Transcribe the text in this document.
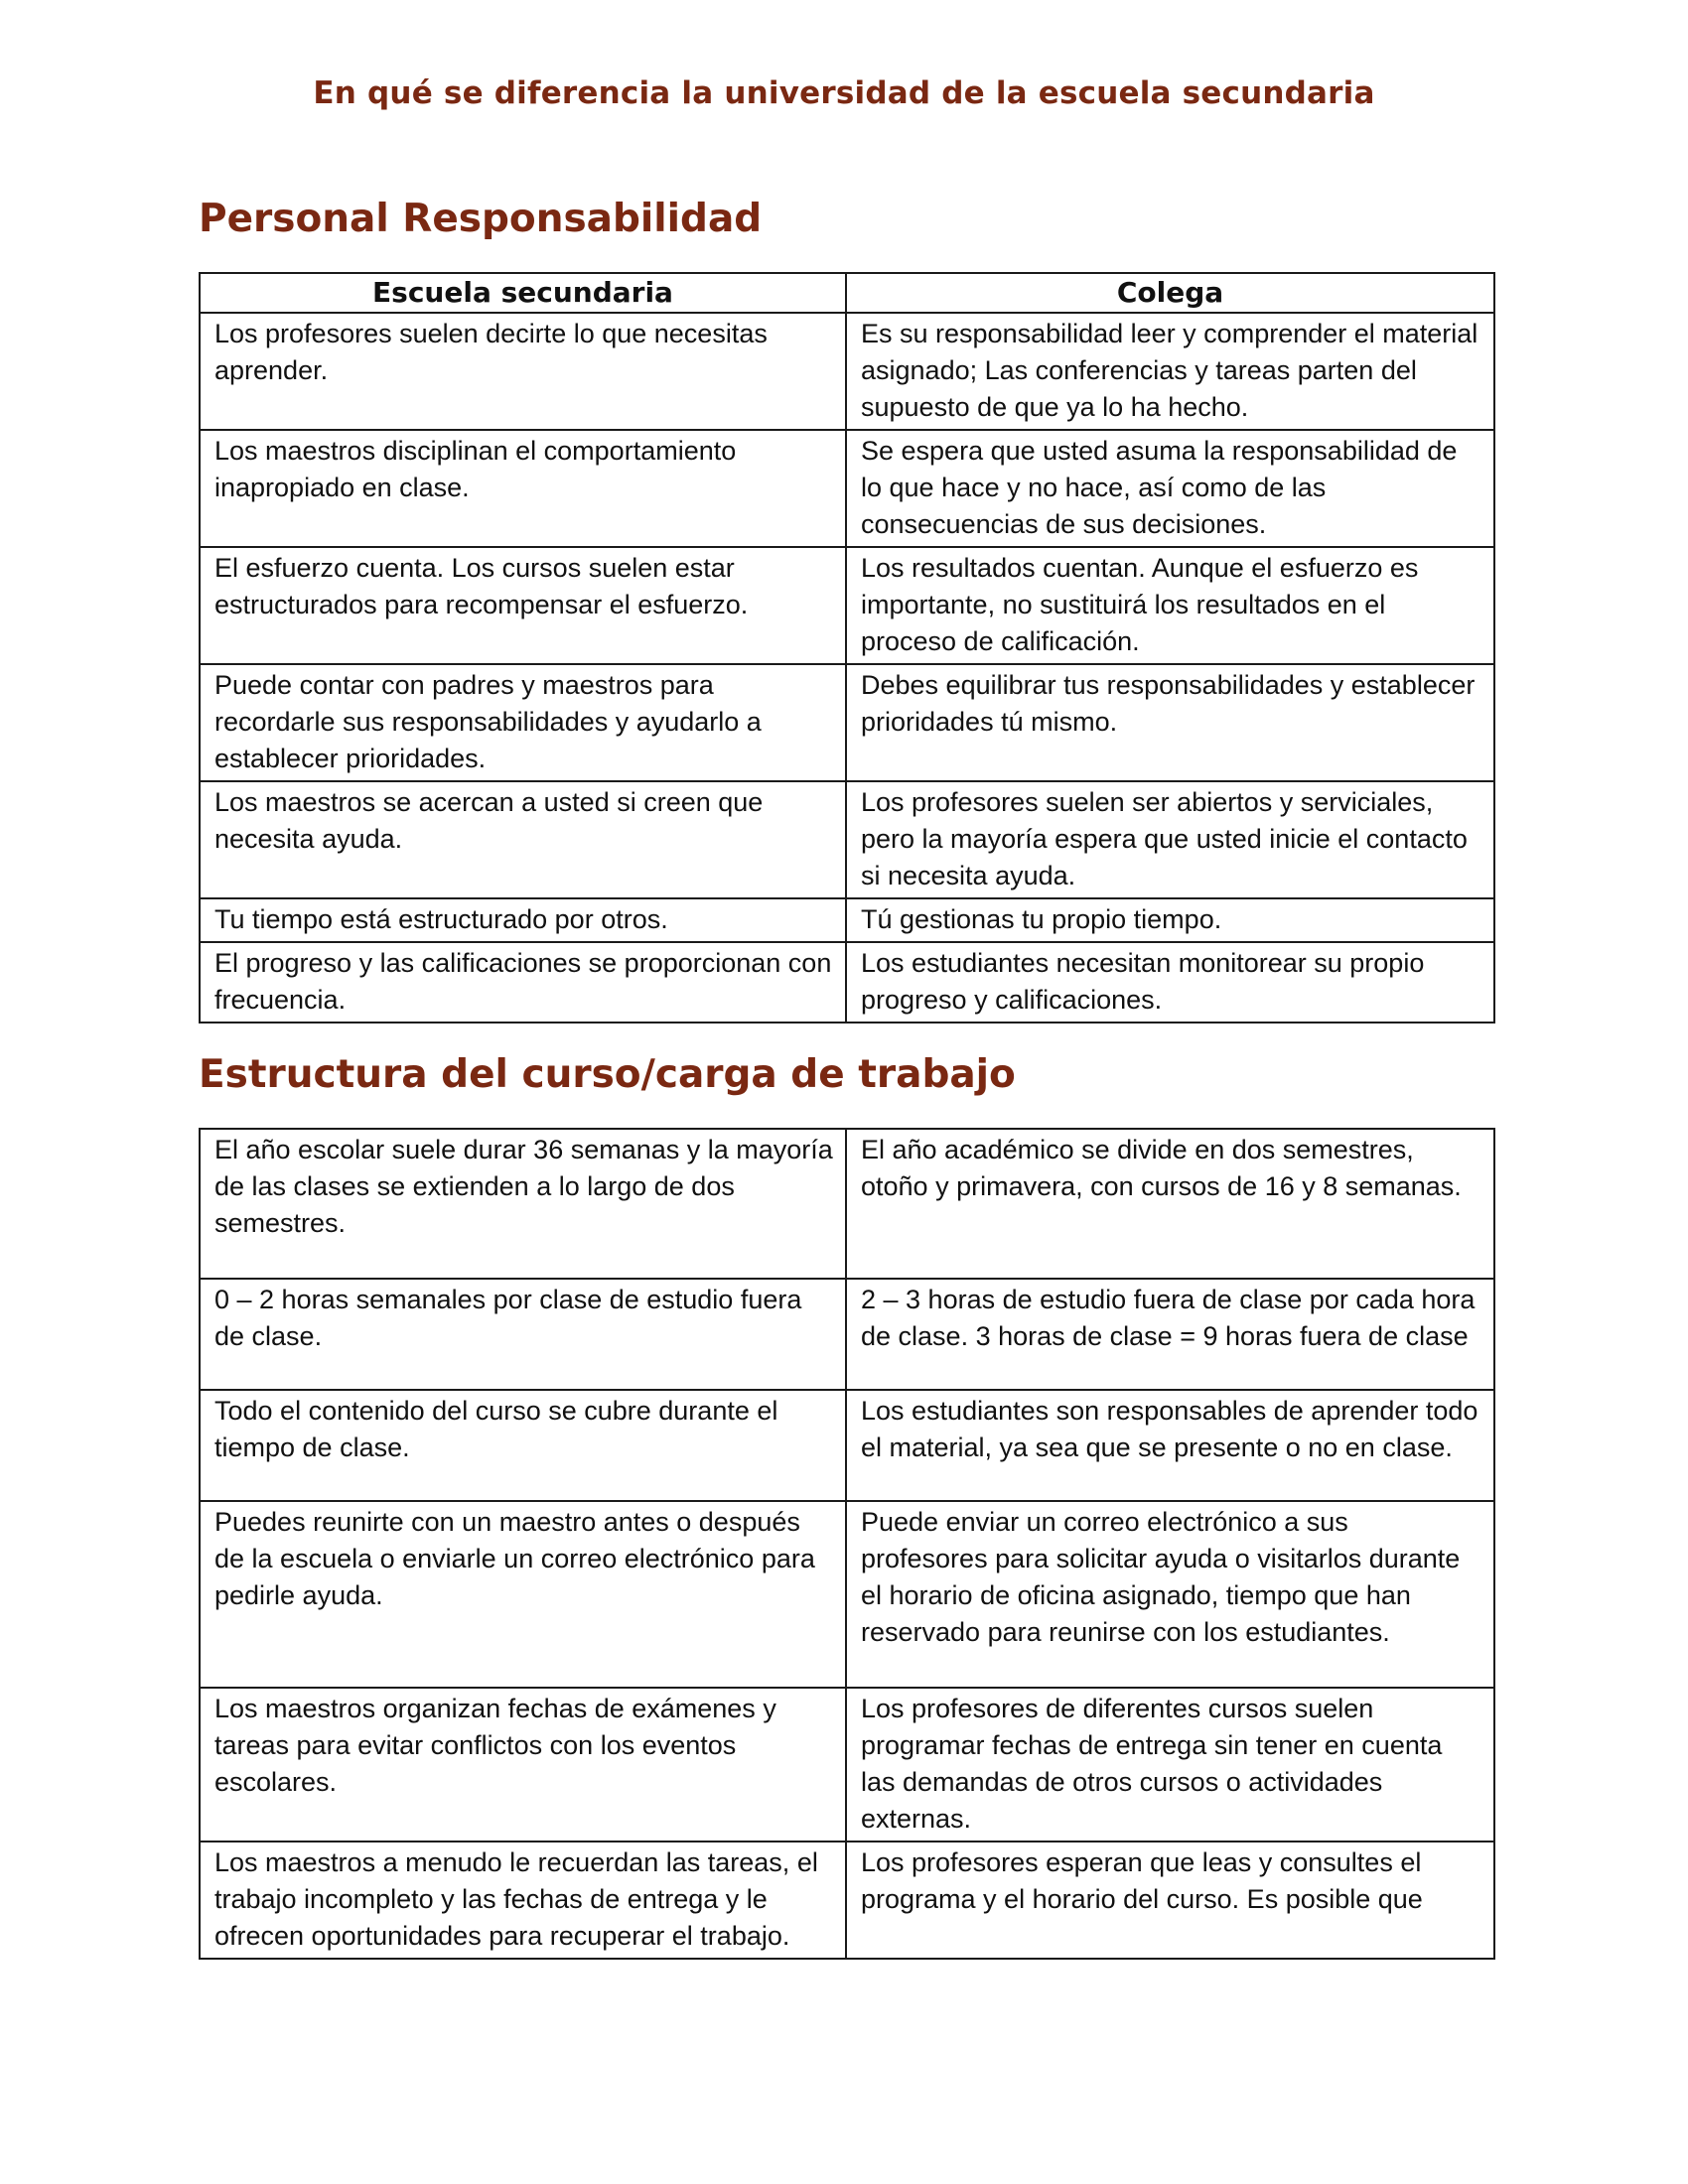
En qué se diferencia la universidad de la escuela secundaria
Personal Responsabilidad
Escuela secundaria	Colega
Los profesores suelen decirte lo que necesitas aprender.	Es su responsabilidad leer y comprender el material asignado; Las conferencias y tareas parten del supuesto de que ya lo ha hecho.
Los maestros disciplinan el comportamiento inapropiado en clase.	Se espera que usted asuma la responsabilidad de lo que hace y no hace, así como de las consecuencias de sus decisiones.
El esfuerzo cuenta. Los cursos suelen estar estructurados para recompensar el esfuerzo.	Los resultados cuentan. Aunque el esfuerzo es importante, no sustituirá los resultados en el proceso de calificación.
Puede contar con padres y maestros para recordarle sus responsabilidades y ayudarlo a establecer prioridades.	Debes equilibrar tus responsabilidades y establecer prioridades tú mismo.
Los maestros se acercan a usted si creen que necesita ayuda.	Los profesores suelen ser abiertos y serviciales, pero la mayoría espera que usted inicie el contacto si necesita ayuda.
Tu tiempo está estructurado por otros.	Tú gestionas tu propio tiempo.
El progreso y las calificaciones se proporcionan con frecuencia.	Los estudiantes necesitan monitorear su propio progreso y calificaciones.
Estructura del curso/carga de trabajo
El año escolar suele durar 36 semanas y la mayoría de las clases se extienden a lo largo de dos semestres.	El año académico se divide en dos semestres, otoño y primavera, con cursos de 16 y 8 semanas.
0 – 2 horas semanales por clase de estudio fuera de clase.	2 – 3 horas de estudio fuera de clase por cada hora de clase. 3 horas de clase = 9 horas fuera de clase
Todo el contenido del curso se cubre durante el tiempo de clase.	Los estudiantes son responsables de aprender todo el material, ya sea que se presente o no en clase.
Puedes reunirte con un maestro antes o después de la escuela o enviarle un correo electrónico para pedirle ayuda.	Puede enviar un correo electrónico a sus profesores para solicitar ayuda o visitarlos durante el horario de oficina asignado, tiempo que han reservado para reunirse con los estudiantes.
Los maestros organizan fechas de exámenes y tareas para evitar conflictos con los eventos escolares.	Los profesores de diferentes cursos suelen programar fechas de entrega sin tener en cuenta las demandas de otros cursos o actividades externas.
Los maestros a menudo le recuerdan las tareas, el trabajo incompleto y las fechas de entrega y le ofrecen oportunidades para recuperar el trabajo.	Los profesores esperan que leas y consultes el programa y el horario del curso. Es posible que
